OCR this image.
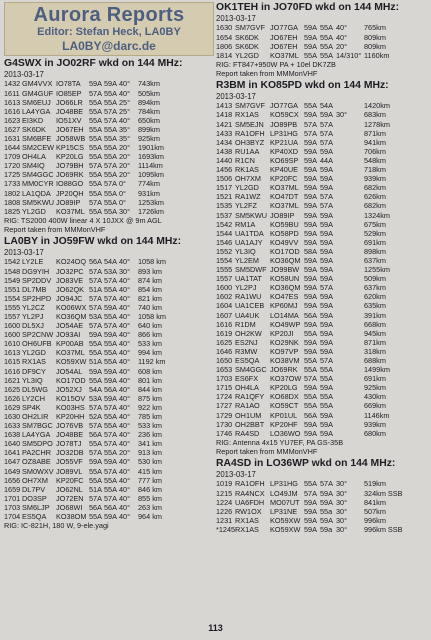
Aurora Reports
Editor: Stefan Heck, LA0BY
LA0BY@darc.de
G4SWX in JO02RF wkd on 144 MHz:
2013-03-17
1432 GM4VVX IO78TA	59A 59A 40°	743km
1611 GM4GUF IO85EP	57A 55A 40°	505km
1613 SM6EUJ JO66LR 55A 55A 25°	894km
1616 LA4YGA JO48BE 55A 57A 25°	784km
1623 EI3KD	IO51XV	55A 57A 40°	650km
1627 SK6DK	JO67EH 55A 55A 35°	899km
1631 SM6BFE JO58WB 55A 55A 35°	925km
1644 SM2CEW KP15CS 55A 55A 20°	1901km
1709 OH4LA	KP20LG 55A 55A 20°	1693km
1720 SM4IQ	JO79BH 57A 57A 20°	1114km
1725 SM4GGC JO69RK 55A 55A 20°	1095km
1733 MM0CYR IO88GO 55A 57A 0°	774km
1802 LA1QDA JP20QH 55A 55A 0°	931km
1808 SM5KWU JO89IP	57A 55A 0°	1253km
1825 YL2GD	KO37ML 55A 55A 30°	1726km
RIG: TS2000 400W linear 4 X 10JXX @ 9m AGL
Report taken from MMMonVHF
LA0BY in JO59FW wkd on 144 MHz:
2013-03-17
1542 LY2LE	KO24OQ 56A 54A 40°	1058 km
1548 DG9YIH JO32PC 57A 53A 30°	893 km
1549 SP2DDV JO83VE 57A 57A 40°	874 km
1551 DL7MB	JO62QK 51A 55A 40°	854 km
1554 SP2HPD JO94JC 57A 57A 40°	821 km
1555 YL2CZ	KO06WX 57A 59A 40°	740 km
1557 YL2PJ	KO36QM 53A 55A 40°	1058 km
1600 DL5XJ	JO54AE 57A 57A 40°	640 km
1600 SP2CNW JO93AI	59A 59A 40°	866 km
1610 OH6UFB KP00AB 55A 55A 40°	533 km
1613 YL2GD	KO37ML 55A 55A 40°	994 km
1615 RX1AS	KO59XW 51A 55A 40°	1192 km
1616 DF9CY	JO54AL 59A 59A 40°	608 km
1621 YL3IQ	KO17OD 55A 59A 40°	801 km
1625 DL5WG	JO52XJ 54A 56A 40°	844 km
1626 LY2CH	KO15OV 53A 59A 40°	875 km
1629 SP4K	KO03HS 57A 57A 40°	922 km
1630 OH2LIR	KP20HH 52A 55A 40°	785 km
1633 SM7BGC JO76VB 57A 55A 40°	533 km
1638 LA4YGA JO48BE 56A 57A 40°	236 km
1640 SM5DPO JO78TJ	55A 57A 40°	341 km
1641 PA2CHR JO32DB 57A 55A 20°	913 km
1647 OZ8ABE JO55VF 59A 59A 40°	530 km
1649 SM0WXV JO89VL 55A 57A 40°	415 km
1656 OH7XM	KP20FC 55A 55A 40°	777 km
1659 DL7PV	JO62NL 51A 55A 40°	846 km
1701 DO3SP	JO72EN 57A 57A 40°	855 km
1703 SM6LJP JO68WI 56A 56A 40°	263 km
1704 ES5QA	KO38OM 55A 59A 40°	964 km
RIG: IC-821H, 180 W, 9-ele.yagi
OK1TEH in JO70FD wkd on 144 MHz:
2013-03-17
1630 SM7GVF JO77GA 59A 55A 40°	765km
1654 SK6DK	JO67EH 59A 55A 40°	809km
1806 SK6DK	JO67EH 59A 55A 20°	809km
1814 YL2GD	KO37ML 55A 55A 14/310° 1160km
RIG: FT847+950W PA + 10el DK7ZB
Report taken from MMMonVHF
R3BM in KO85PD wkd on 144 MHz:
2013-03-17
1413 SM7GVF JO77GA 55A 54A	1420km
1418 RX1AS	KO59CX 59A 59A 30°	683km
1421 SM5EJN JO89PB 57A 57A	1278km
1433 RA1OFH LP31HG 57A 57A	871km
1434 OH3BYZ KP21UA 59A 57A	941km
1438 RU1AA	KP40XD 59A 59A	706km
1440 R1CN	KO69SP 59A 44A	548km
1456 RK1AS	KP40UE 59A 59A	718km
1506 OH7XM	KP20FC 59A 59A	939km
1517 YL2GD	KO37ML 59A 59A	682km
1521 RA1WZ	KO47DT 59A 57A	626km
1535 YL2FZ	KO37ML 59A 57A	682km
1537 SM5KWU JO89IP	59A 59A	1324km
1542 RM1A	KO59BU 59A 59A	675km
1544 UA1TDA KO58PD 59A 59A	529km
1546 UA1AJY	KO49VV 59A 59A	691km
1552 YL3IQ	KO17OD 58A 59A	898km
1554 YL2EM	KO36QM 59A 59A	637km
1555 SM5DWF JO99BW 59A 59A	1255km
1557 UA1TAT	KO58UN 59A 59A	509km
1600 YL2PJ	KO36QM 59A 57A	637km
1602 RA1WU	KO47ES 59A 59A	620km
1604 UA1CEB KP60MJ 59A 59A	635km
1607 UA4UK	LO14MA 56A 59A	391km
1616 R1DM	KO49WP 59A 59A	668km
1619 OH2KW	KP20JI	55A 59A	945km
1625 ES2NJ	KO29NK 59A 59A	871km
1646 R3MW	KO97VP 59A 59A	318km
1650 ES5QA	KO38VM 55A 57A	688km
1653 SM4GGC JO69RK 55A 55A	1499km
1703 ES6FX	KO37OW 57A 55A	691km
1715 OH4LA	KP20LG 59A 59A	925km
1724 RA1QFY KO68DX 55A 55A	430km
1727 RA1AO	KO59CT 55A 55A	669km
1729 OH1UM	KP01UL 56A 59A	1146km
1730 OH2BBT KP20HF 59A 59A	939km
1746 RA4SD	LO36WO 59A 59A	680km
RIG: Antenna 4x15 YU7EF, PA GS-35B
Report taken from MMMonVHF
RA4SD in LO36WP wkd on 144 MHz:
2013-03-17
1019 RA1OFH LP31HG 55A 57A 30°	519km
1215 RA4NCX LO49JM 57A 59A 30°	324km SSB
1224 UA6FDH MO07UT 59A 59A 30°	841km
1226 RW1OX	LP31NE 59A 55a 30°	507km
1231 RX1AS	KO59XW 59A 59A 30°	996km
*1245 RX1AS	KO59XW 59A 59a 30°	996km SSB
113
